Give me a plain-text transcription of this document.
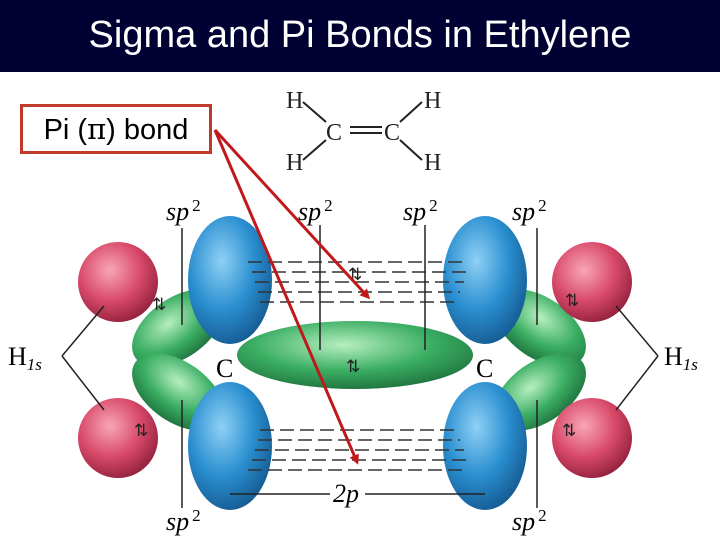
Sigma and Pi Bonds in Ethylene
H
H
C C
H
H
sp 2	sp 2	sp 2	sp 2
sp 2	sp 2
2p
C	C
H1s	H1s
⇅
⇅
⇅
⇅
⇅
⇅
Pi (π) bond
